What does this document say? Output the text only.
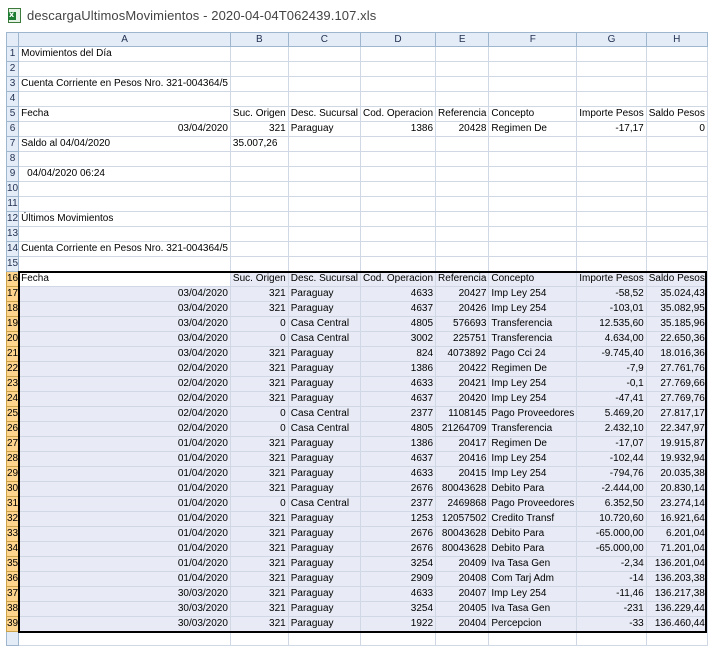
x
descargaUltimosMovimientos - 2020-04-04T062439.107.xls
	A	B	C	D	E	F	G	H
1	Movimientos del Día							
2								
3	Cuenta Corriente en Pesos Nro. 321-004364/5							
4								
5	Fecha	Suc. Origen	Desc. Sucursal	Cod. Operacion	Referencia	Concepto	Importe Pesos	Saldo Pesos
6	03/04/2020	321	Paraguay	1386	20428	Regimen De	-17,17	0
7	Saldo al 04/04/2020	35.007,26						
8								
9	04/04/2020 06:24							
10								
11								
12	Últimos Movimientos							
13								
14	Cuenta Corriente en Pesos Nro. 321-004364/5							
15								
16	Fecha	Suc. Origen	Desc. Sucursal	Cod. Operacion	Referencia	Concepto	Importe Pesos	Saldo Pesos
17	03/04/2020	321	Paraguay	4633	20427	Imp Ley 254	-58,52	35.024,43
18	03/04/2020	321	Paraguay	4637	20426	Imp Ley 254	-103,01	35.082,95
19	03/04/2020	0	Casa Central	4805	576693	Transferencia	12.535,60	35.185,96
20	03/04/2020	0	Casa Central	3002	225751	Transferencia	4.634,00	22.650,36
21	03/04/2020	321	Paraguay	824	4073892	Pago Cci 24	-9.745,40	18.016,36
22	02/04/2020	321	Paraguay	1386	20422	Regimen De	-7,9	27.761,76
23	02/04/2020	321	Paraguay	4633	20421	Imp Ley 254	-0,1	27.769,66
24	02/04/2020	321	Paraguay	4637	20420	Imp Ley 254	-47,41	27.769,76
25	02/04/2020	0	Casa Central	2377	1108145	Pago Proveedores	5.469,20	27.817,17
26	02/04/2020	0	Casa Central	4805	21264709	Transferencia	2.432,10	22.347,97
27	01/04/2020	321	Paraguay	1386	20417	Regimen De	-17,07	19.915,87
28	01/04/2020	321	Paraguay	4637	20416	Imp Ley 254	-102,44	19.932,94
29	01/04/2020	321	Paraguay	4633	20415	Imp Ley 254	-794,76	20.035,38
30	01/04/2020	321	Paraguay	2676	80043628	Debito Para	-2.444,00	20.830,14
31	01/04/2020	0	Casa Central	2377	2469868	Pago Proveedores	6.352,50	23.274,14
32	01/04/2020	321	Paraguay	1253	12057502	Credito Transf	10.720,60	16.921,64
33	01/04/2020	321	Paraguay	2676	80043628	Debito Para	-65.000,00	6.201,04
34	01/04/2020	321	Paraguay	2676	80043628	Debito Para	-65.000,00	71.201,04
35	01/04/2020	321	Paraguay	3254	20409	Iva Tasa Gen	-2,34	136.201,04
36	01/04/2020	321	Paraguay	2909	20408	Com Tarj Adm	-14	136.203,38
37	30/03/2020	321	Paraguay	4633	20407	Imp Ley 254	-11,46	136.217,38
38	30/03/2020	321	Paraguay	3254	20405	Iva Tasa Gen	-231	136.229,44
39	30/03/2020	321	Paraguay	1922	20404	Percepcion	-33	136.460,44
